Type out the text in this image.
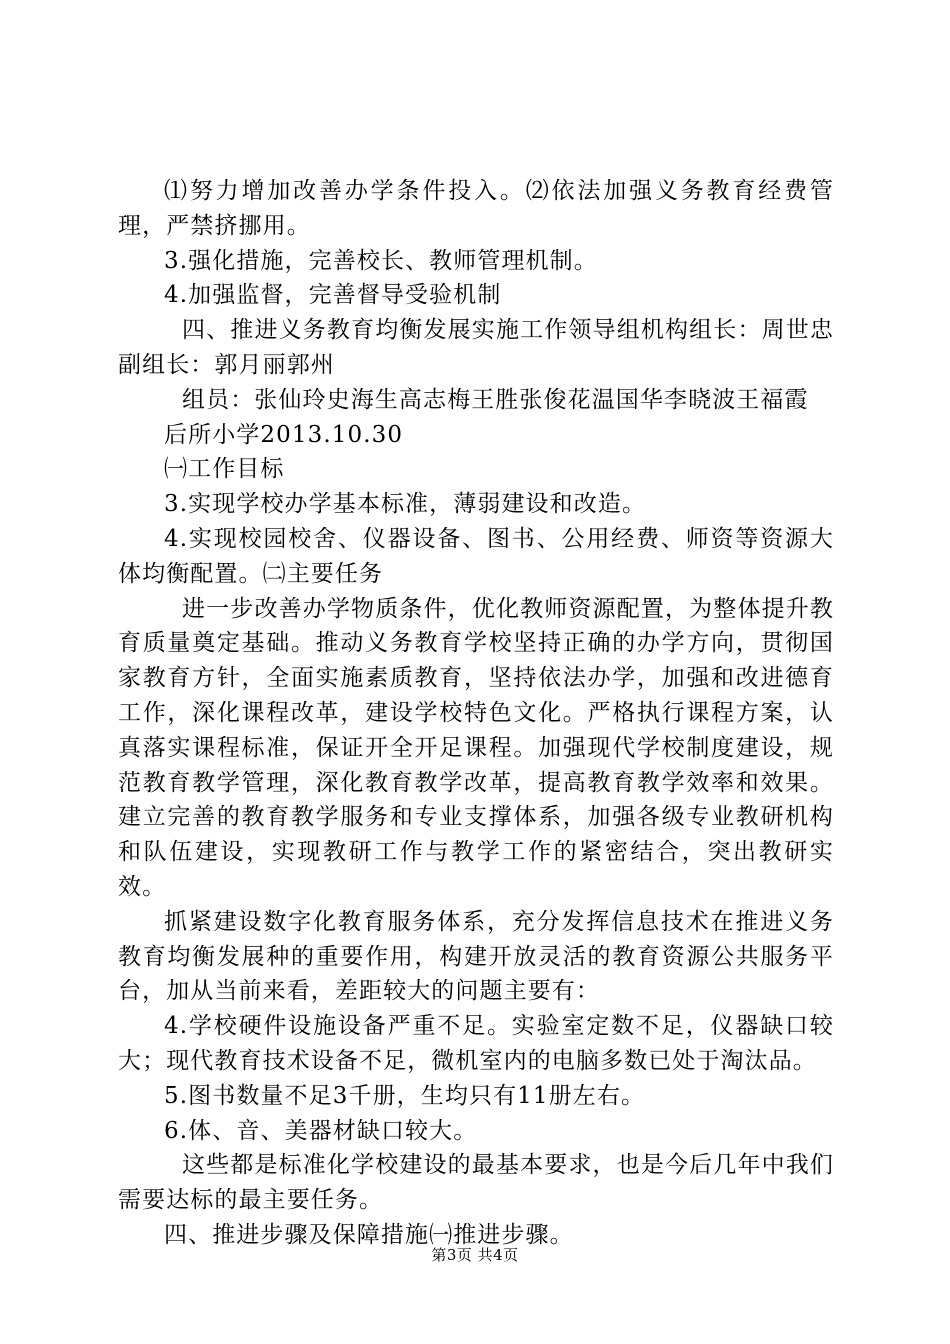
⑴努力增加改善办学条件投入。⑵依法加强义务教育经费管理，严禁挤挪用。

3.强化措施，完善校长、教师管理机制。

4.加强监督，完善督导受验机制

四、推进义务教育均衡发展实施工作领导组机构组长：周世忠副组长：郭月丽郭州

组员：张仙玲史海生高志梅王胜张俊花温国华李晓波王福霞

后所小学2013.10.30

㈠工作目标

3.实现学校办学基本标准，薄弱建设和改造。

4.实现校园校舍、仪器设备、图书、公用经费、师资等资源大体均衡配置。㈡主要任务

进一步改善办学物质条件，优化教师资源配置，为整体提升教育质量奠定基础。推动义务教育学校坚持正确的办学方向，贯彻国家教育方针，全面实施素质教育，坚持依法办学，加强和改进德育工作，深化课程改革，建设学校特色文化。严格执行课程方案，认真落实课程标准，保证开全开足课程。加强现代学校制度建设，规范教育教学管理，深化教育教学改革，提高教育教学效率和效果。建立完善的教育教学服务和专业支撑体系，加强各级专业教研机构和队伍建设，实现教研工作与教学工作的紧密结合，突出教研实效。

抓紧建设数字化教育服务体系，充分发挥信息技术在推进义务教育均衡发展种的重要作用，构建开放灵活的教育资源公共服务平台，加从当前来看，差距较大的问题主要有：

4.学校硬件设施设备严重不足。实验室定数不足，仪器缺口较大；现代教育技术设备不足，微机室内的电脑多数已处于淘汰品。

5.图书数量不足3千册，生均只有11册左右。

6.体、音、美器材缺口较大。

这些都是标准化学校建设的最基本要求，也是今后几年中我们需要达标的最主要任务。

四、推进步骤及保障措施㈠推进步骤。

第3页 共4页
